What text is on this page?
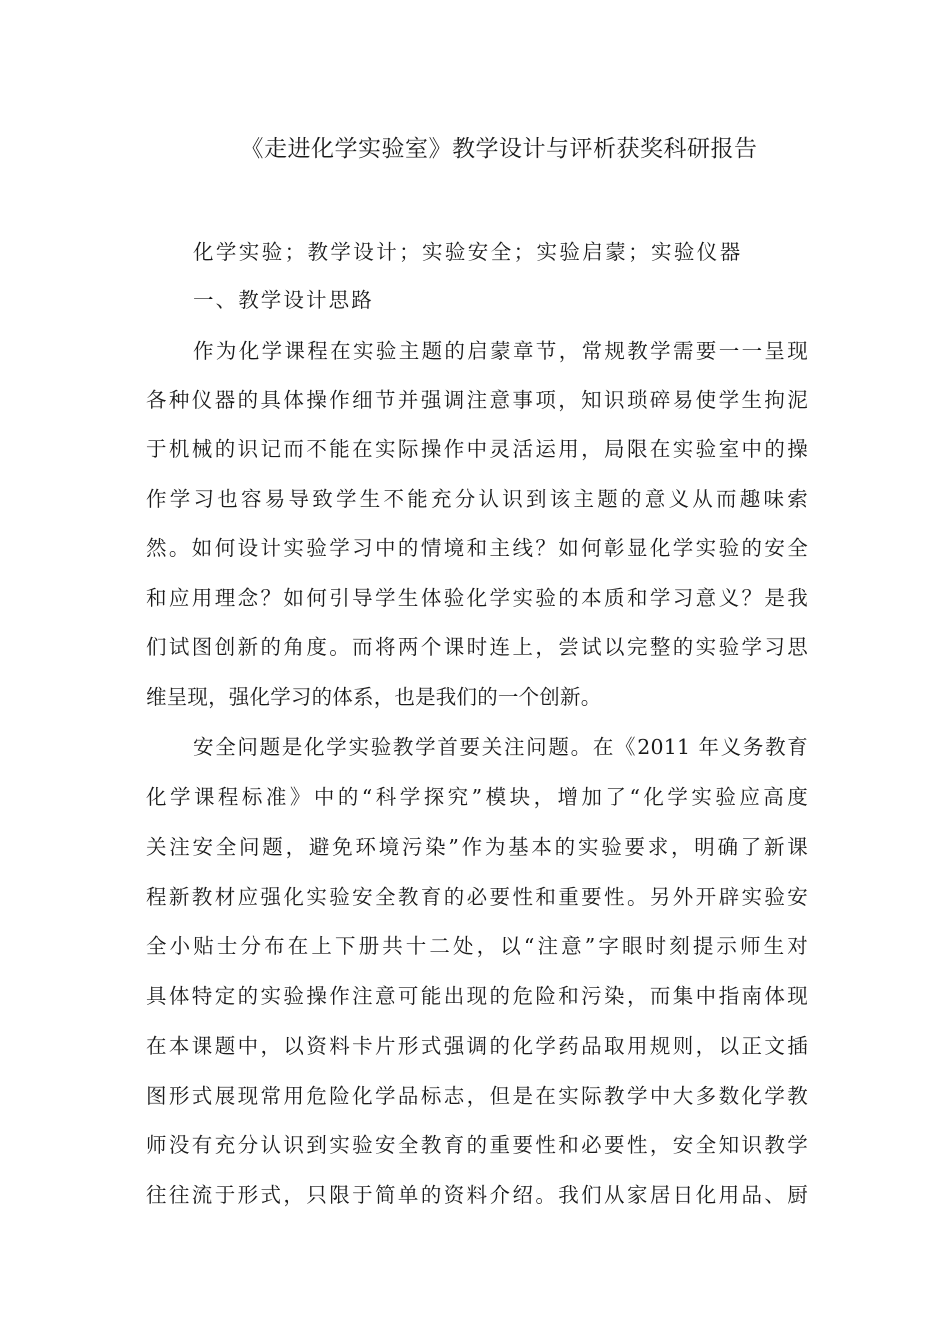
《走进化学实验室》教学设计与评析获奖科研报告
化学实验；教学设计；实验安全；实验启蒙；实验仪器
一、教学设计思路
作为化学课程在实验主题的启蒙章节，常规教学需要一一呈现
各种仪器的具体操作细节并强调注意事项，知识琐碎易使学生拘泥
于机械的识记而不能在实际操作中灵活运用，局限在实验室中的操
作学习也容易导致学生不能充分认识到该主题的意义从而趣味索
然。如何设计实验学习中的情境和主线？如何彰显化学实验的安全
和应用理念？如何引导学生体验化学实验的本质和学习意义？是我
们试图创新的角度。而将两个课时连上，尝试以完整的实验学习思
维呈现，强化学习的体系，也是我们的一个创新。
安全问题是化学实验教学首要关注问题。在《2011 年义务教育
化学课程标准》中的“科学探究”模块，增加了“化学实验应高度
关注安全问题，避免环境污染”作为基本的实验要求，明确了新课
程新教材应强化实验安全教育的必要性和重要性。另外开辟实验安
全小贴士分布在上下册共十二处，以“注意”字眼时刻提示师生对
具体特定的实验操作注意可能出现的危险和污染，而集中指南体现
在本课题中，以资料卡片形式强调的化学药品取用规则，以正文插
图形式展现常用危险化学品标志，但是在实际教学中大多数化学教
师没有充分认识到实验安全教育的重要性和必要性，安全知识教学
往往流于形式，只限于简单的资料介绍。我们从家居日化用品、厨
